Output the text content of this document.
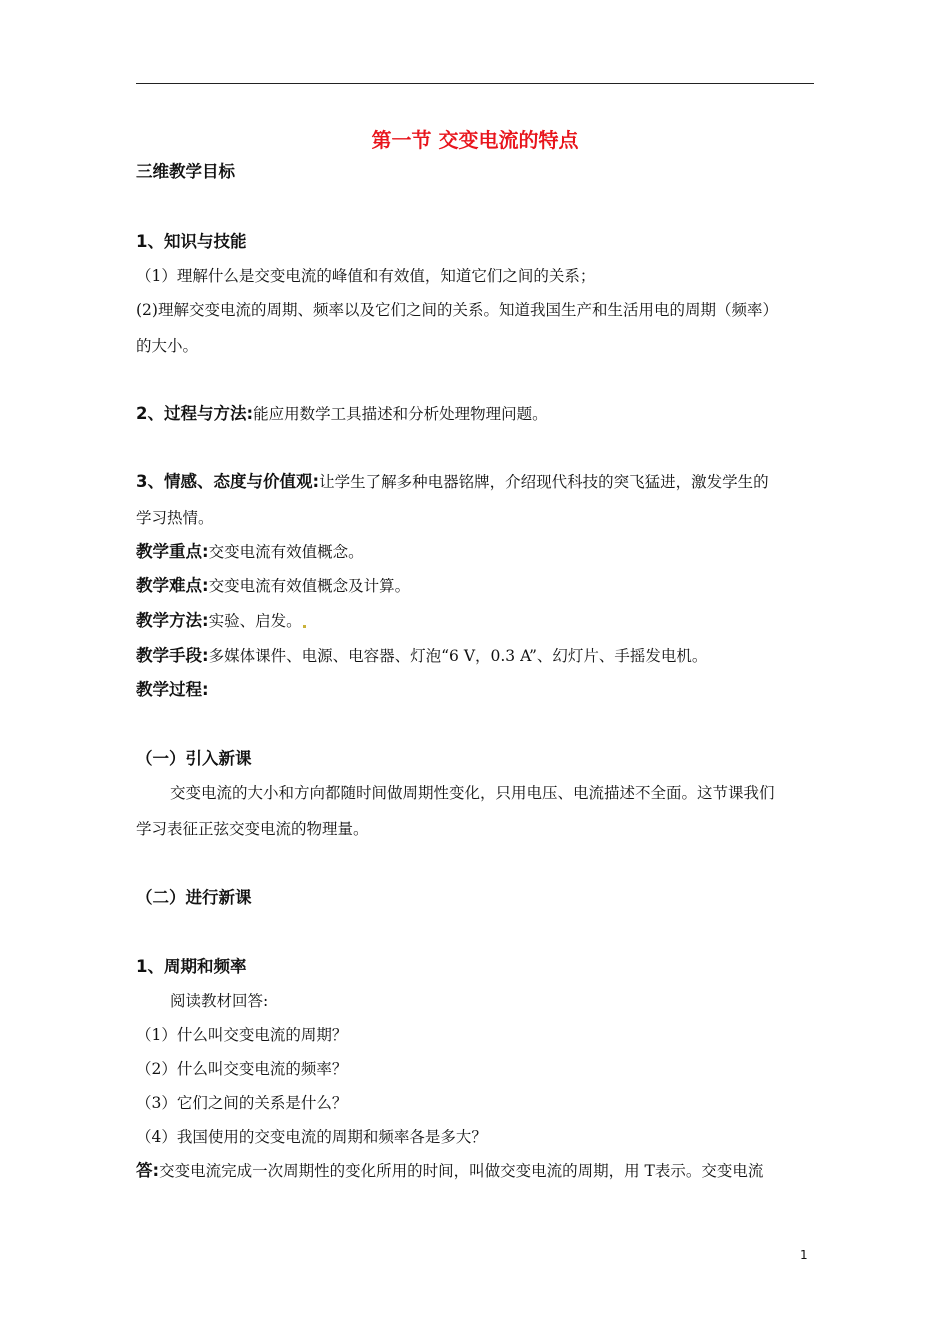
第一节 交变电流的特点
三维教学目标
1、知识与技能
（1）理解什么是交变电流的峰值和有效值，知道它们之间的关系；
(2)理解交变电流的周期、频率以及它们之间的关系。知道我国生产和生活用电的周期（频率）
的大小。
2、过程与方法:能应用数学工具描述和分析处理物理问题。
3、情感、态度与价值观:让学生了解多种电器铭牌，介绍现代科技的突飞猛进，激发学生的
学习热情。
教学重点:交变电流有效值概念。
教学难点:交变电流有效值概念及计算。
教学方法:实验、启发。
教学手段:多媒体课件、电源、电容器、灯泡“6 V，0.3 A”、幻灯片、手摇发电机。
教学过程:
（一）引入新课
交变电流的大小和方向都随时间做周期性变化，只用电压、电流描述不全面。这节课我们
学习表征正弦交变电流的物理量。
（二）进行新课
1、周期和频率
阅读教材回答:
（1）什么叫交变电流的周期？
（2）什么叫交变电流的频率？
（3）它们之间的关系是什么？
（4）我国使用的交变电流的周期和频率各是多大？
答:交变电流完成一次周期性的变化所用的时间，叫做交变电流的周期，用 T表示。交变电流
1
